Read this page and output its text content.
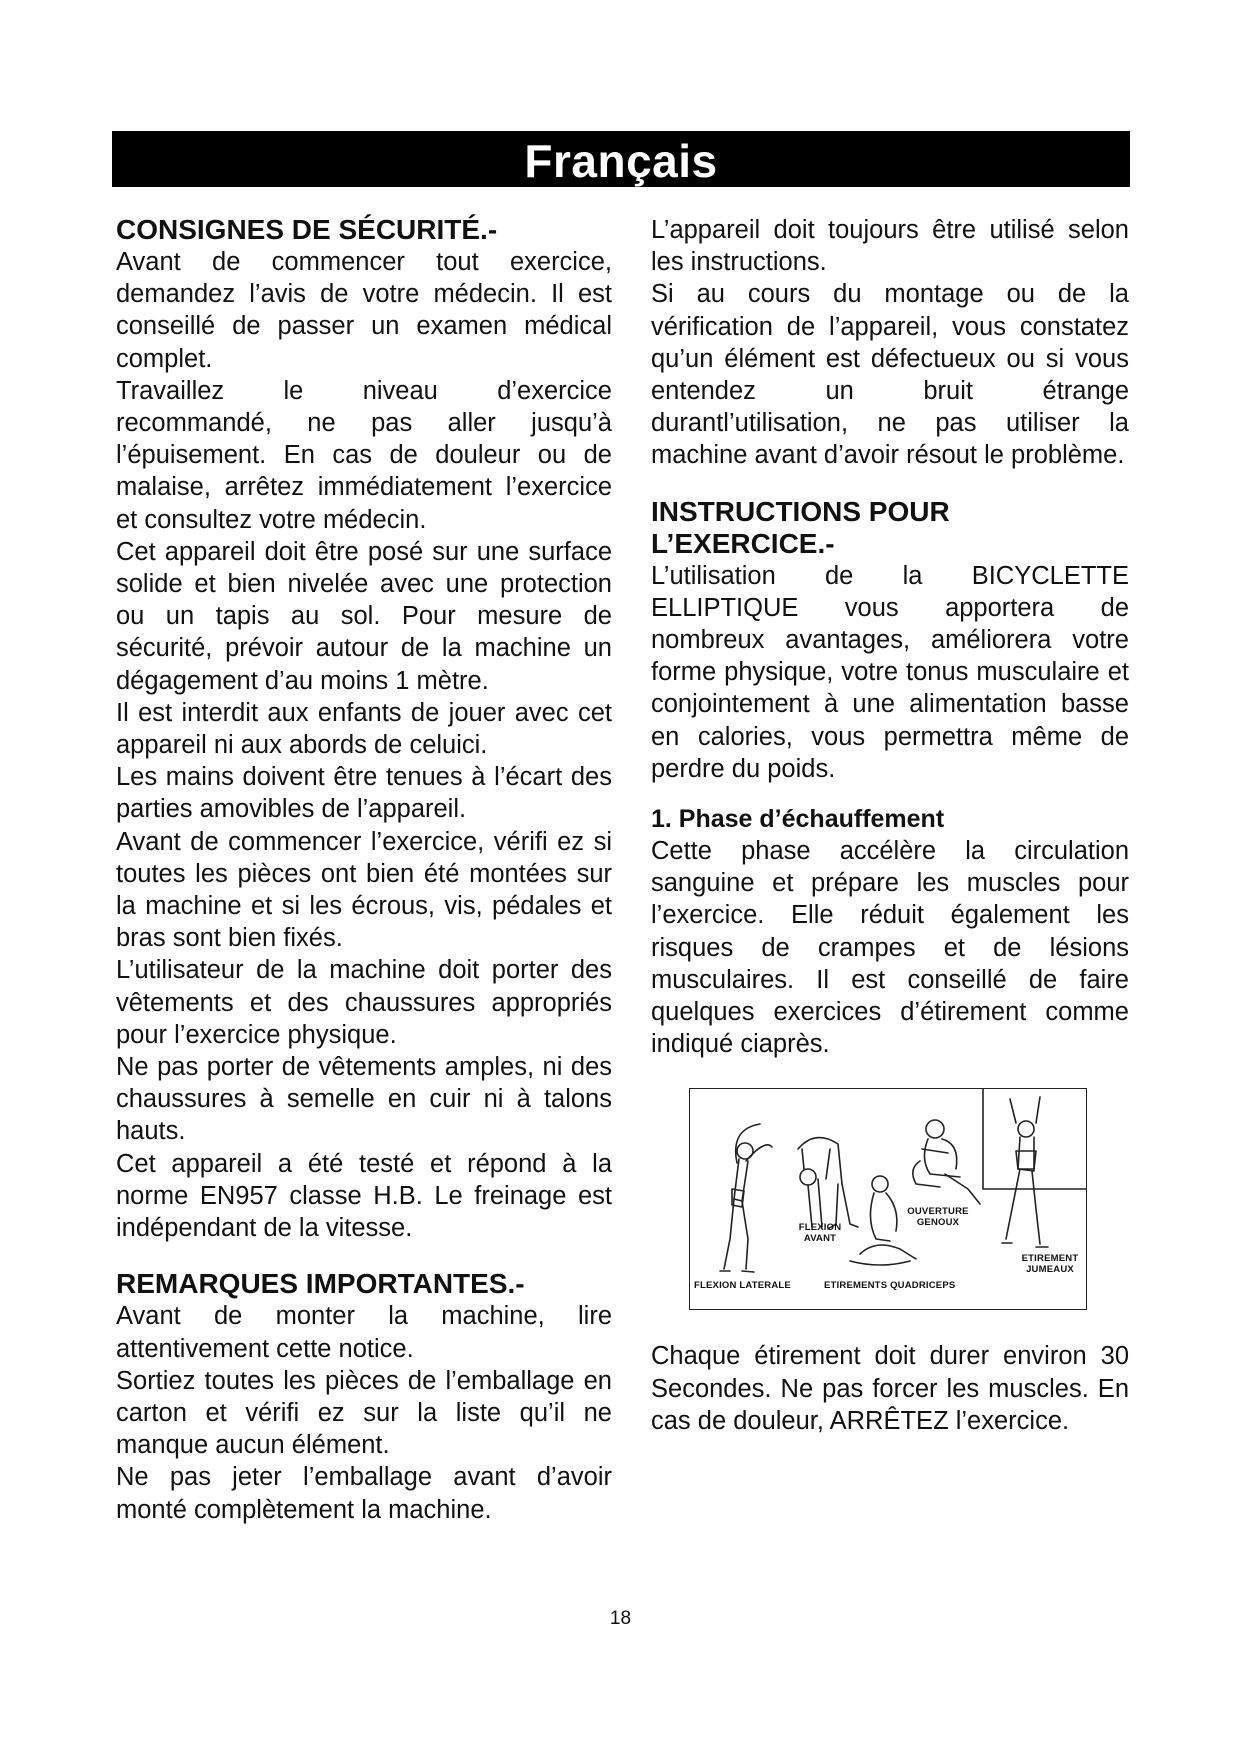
Français
CONSIGNES DE SÉCURITÉ.-

Avant de commencer tout exercice, demandez l’avis de votre médecin. Il est conseillé de passer un examen médical complet.

Travaillez le niveau d’exercice recommandé, ne pas aller jusqu’à l’épuisement. En cas de douleur ou de malaise, arrêtez immédiatement l’exercice et consultez votre médecin.

Cet appareil doit être posé sur une surface solide et bien nivelée avec une protection ou un tapis au sol. Pour mesure de sécurité, prévoir autour de la machine un dégagement d’au moins 1 mètre.

Il est interdit aux enfants de jouer avec cet appareil ni aux abords de celuici.

Les mains doivent être tenues à l’écart des parties amovibles de l’appareil.

Avant de commencer l’exercice, vérifi ez si toutes les pièces ont bien été montées sur la machine et si les écrous, vis, pédales et bras sont bien fixés.

L’utilisateur de la machine doit porter des vêtements et des chaussures appropriés pour l’exercice physique.

Ne pas porter de vêtements amples, ni des chaussures à semelle en cuir ni à talons hauts.

Cet appareil a été testé et répond à la norme EN957 classe H.B. Le freinage est indépendant de la vitesse.

REMARQUES IMPORTANTES.-

Avant de monter la machine, lire attentivement cette notice.

Sortiez toutes les pièces de l’emballage en carton et vérifi ez sur la liste qu’il ne manque aucun élément.

Ne pas jeter l’emballage avant d’avoir monté complètement la machine.

L’appareil doit toujours être utilisé selon les instructions.

Si au cours du montage ou de la vérification de l’appareil, vous constatez qu’un élément est défectueux ou si vous entendez un bruit étrange durantl’utilisation, ne pas utiliser la machine avant d’avoir résout le problème.

INSTRUCTIONS POUR
L’EXERCICE.-

L’utilisation de la BICYCLETTE ELLIPTIQUE vous apportera de nombreux avantages, améliorera votre forme physique, votre tonus musculaire et conjointement à une alimentation basse en calories, vous permettra même de perdre du poids.

1. Phase d’échauffement

Cette phase accélère la circulation sanguine et prépare les muscles pour l’exercice. Elle réduit également les risques de crampes et de lésions musculaires. Il est conseillé de faire quelques exercices d’étirement comme indiqué ciaprès.

FLEXION
AVANT
OUVERTURE
GENOUX
ETIREMENT
JUMEAUX
FLEXION LATERALE	ETIREMENTS QUADRICEPS

Chaque étirement doit durer environ 30 Secondes. Ne pas forcer les muscles. En cas de douleur, ARRÊTEZ l’exercice.

18
